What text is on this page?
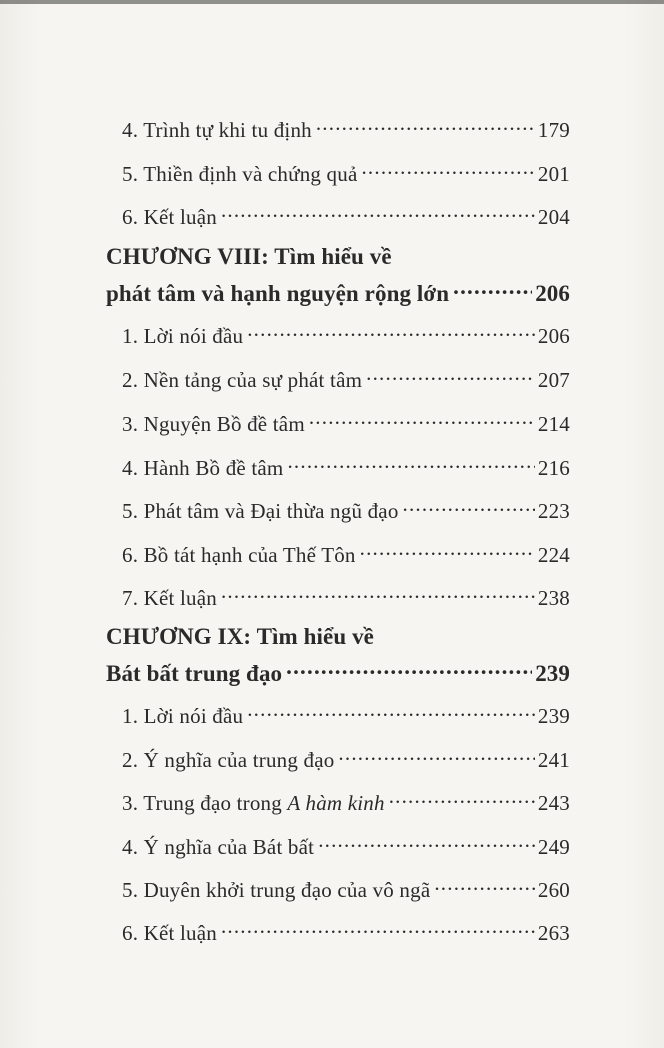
4. Trình tự khi tu định .....	179
5. Thiền định và chứng quả .....	201
6. Kết luận .....	204
CHƯƠNG VIII: Tìm hiểu về
phát tâm và hạnh nguyện rộng lớn .....	206
1. Lời nói đầu .....	206
2. Nền tảng của sự phát tâm .....	207
3. Nguyện Bồ đề tâm .....	214
4. Hành Bồ đề tâm .....	216
5. Phát tâm và Đại thừa ngũ đạo .....	223
6. Bồ tát hạnh của Thế Tôn .....	224
7. Kết luận .....	238
CHƯƠNG IX: Tìm hiểu về
Bát bất trung đạo .....	239
1. Lời nói đầu .....	239
2. Ý nghĩa của trung đạo .....	241
3. Trung đạo trong A hàm kinh .....	243
4. Ý nghĩa của Bát bất .....	249
5. Duyên khởi trung đạo của vô ngã .....	260
6. Kết luận .....	263
